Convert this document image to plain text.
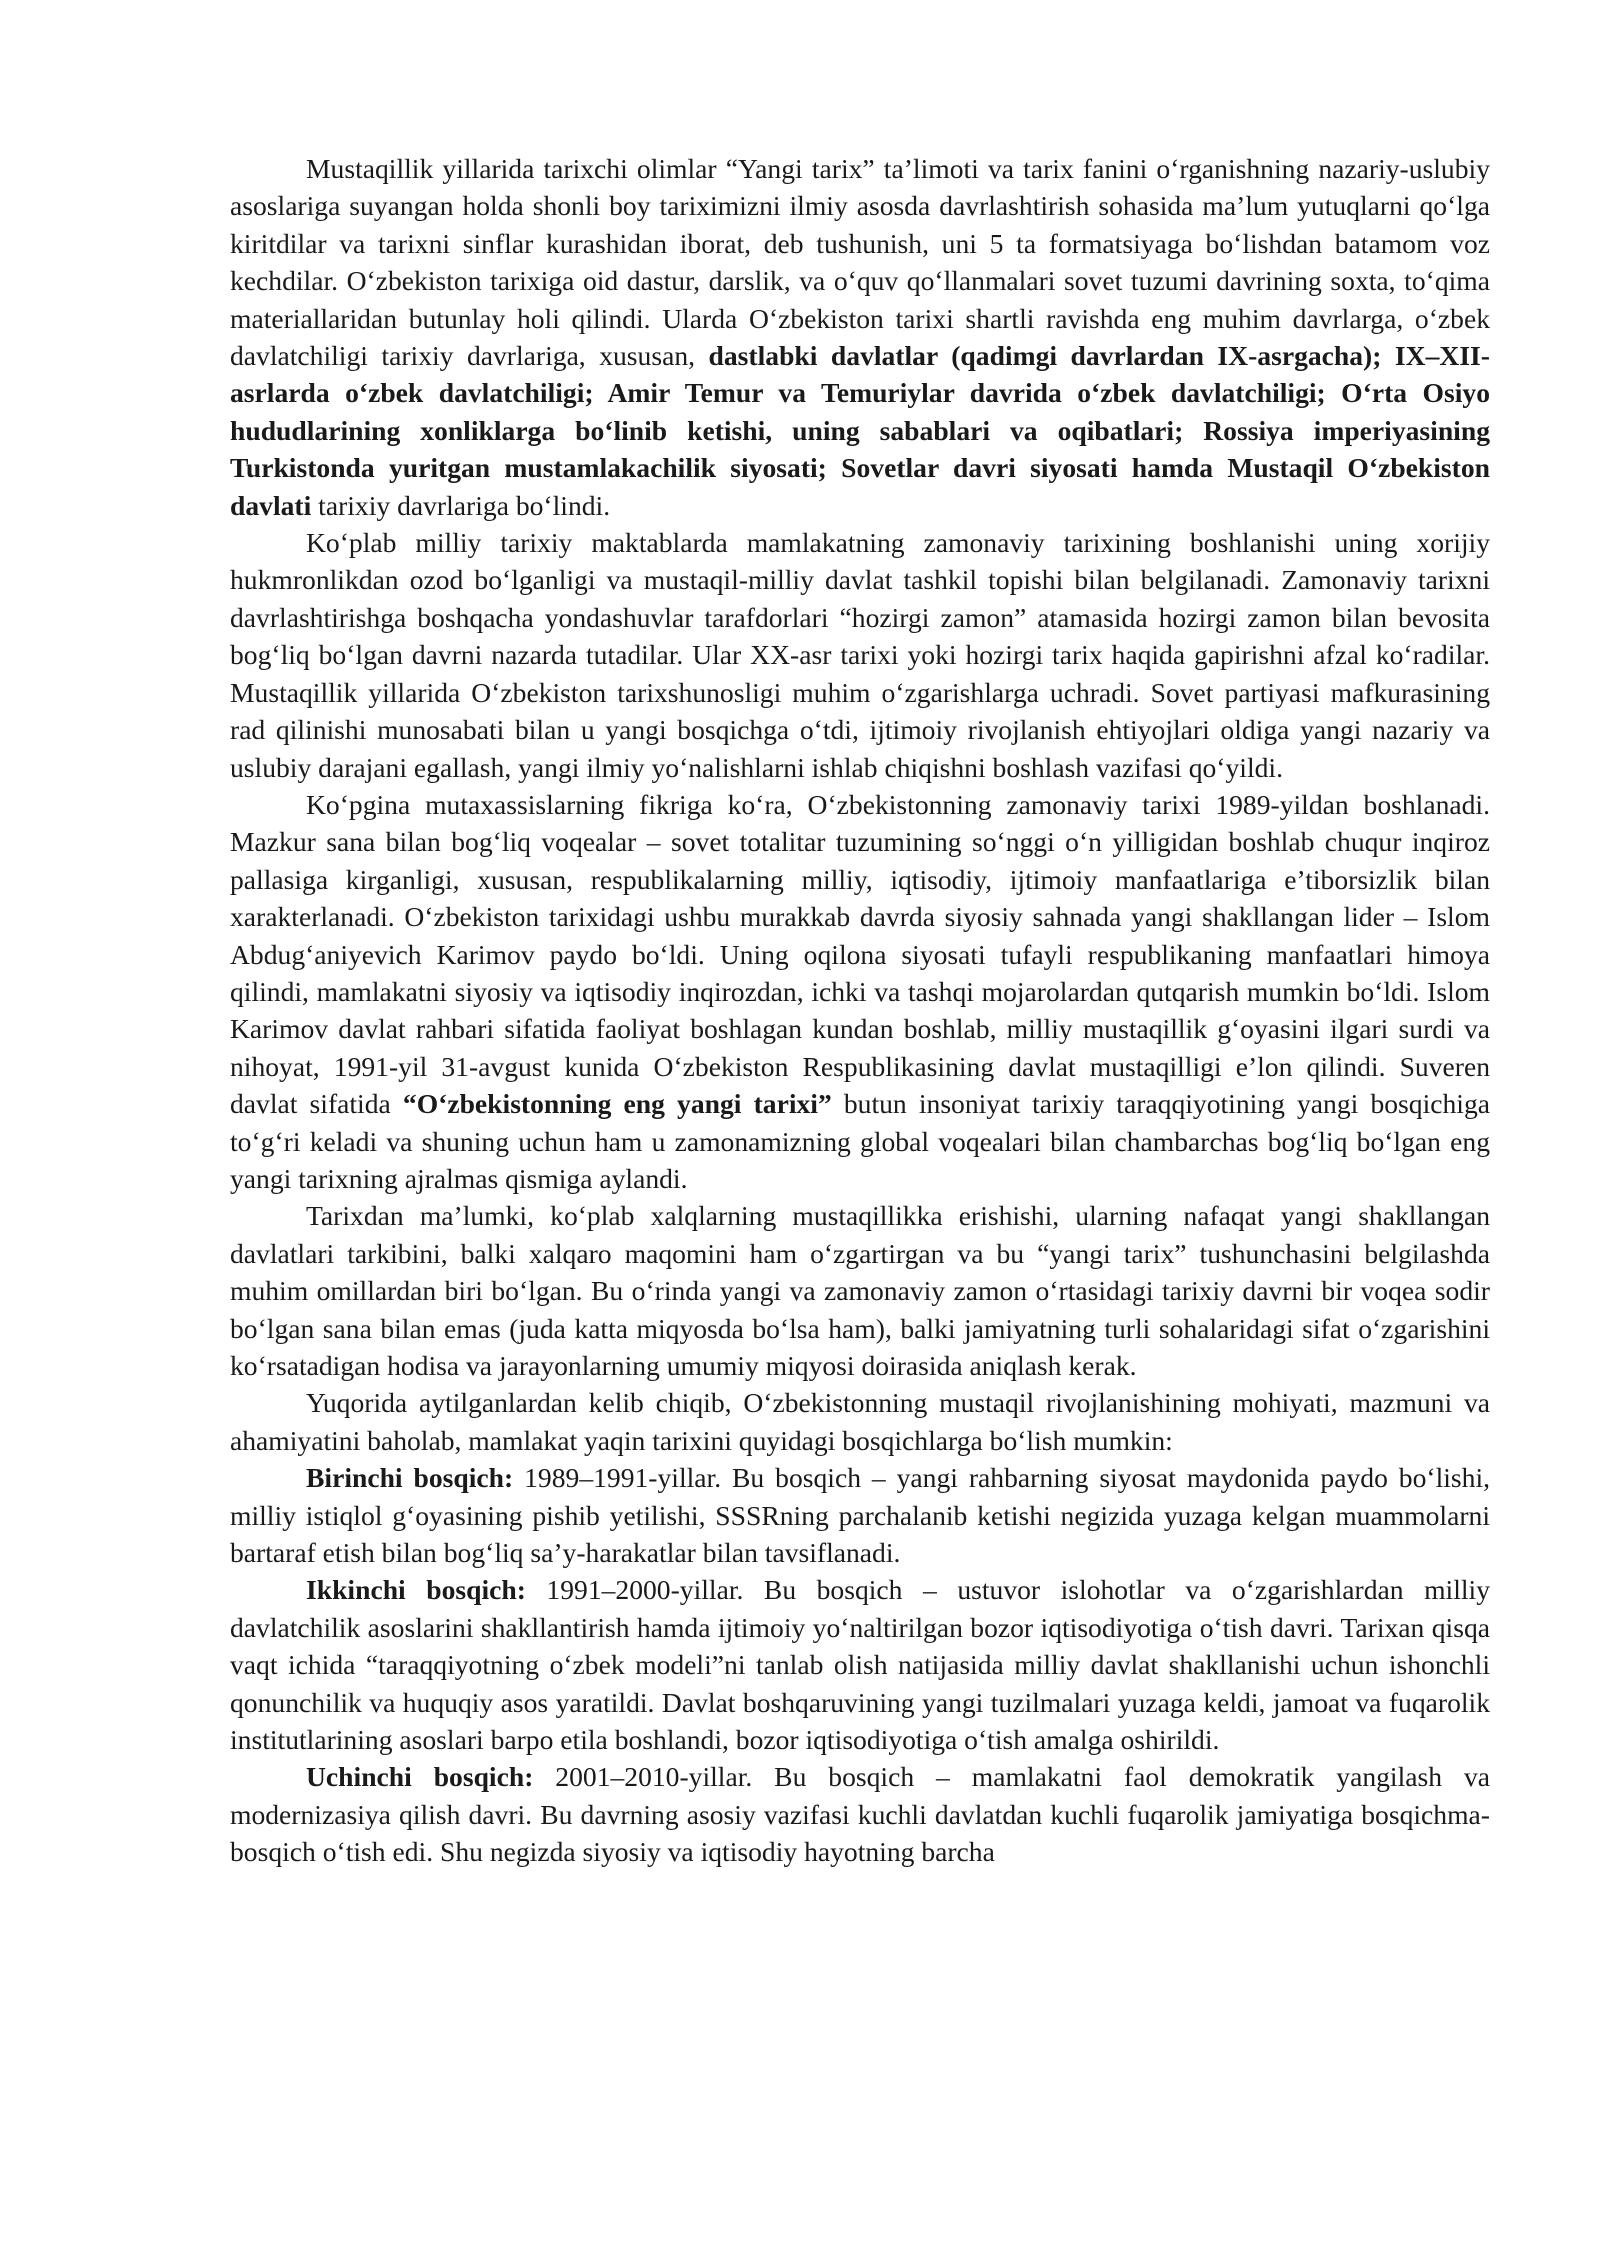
Mustaqillik yillarida tarixchi olimlar “Yangi tarix” ta’limoti va tarix fanini o‘rganishning nazariy-uslubiy asoslariga suyangan holda shonli boy tariximizni ilmiy asosda davrlashtirish sohasida ma’lum yutuqlarni qo‘lga kiritdilar va tarixni sinflar kurashidan iborat, deb tushunish, uni 5 ta formatsiyaga bo‘lishdan batamom voz kechdilar. O‘zbekiston tarixiga oid dastur, darslik, va o‘quv qo‘llanmalari sovet tuzumi davrining soxta, to‘qima materiallaridan butunlay holi qilindi. Ularda O‘zbekiston tarixi shartli ravishda eng muhim davrlarga, o‘zbek davlatchiligi tarixiy davrlariga, xususan, dastlabki davlatlar (qadimgi davrlardan IX-asrgacha); IX–XII-asrlarda o‘zbek davlatchiligi; Amir Temur va Temuriylar davrida o‘zbek davlatchiligi; O‘rta Osiyo hududlarining xonliklarga bo‘linib ketishi, uning sabablari va oqibatlari; Rossiya imperiyasining Turkistonda yuritgan mustamlakachilik siyosati; Sovetlar davri siyosati hamda Mustaqil O‘zbekiston davlati tarixiy davrlariga bo‘lindi.

Ko‘plab milliy tarixiy maktablarda mamlakatning zamonaviy tarixining boshlanishi uning xorijiy hukmronlikdan ozod bo‘lganligi va mustaqil-milliy davlat tashkil topishi bilan belgilanadi. Zamonaviy tarixni davrlashtirishga boshqacha yondashuvlar tarafdorlari “hozirgi zamon” atamasida hozirgi zamon bilan bevosita bog‘liq bo‘lgan davrni nazarda tutadilar. Ular XX-asr tarixi yoki hozirgi tarix haqida gapirishni afzal ko‘radilar. Mustaqillik yillarida O‘zbekiston tarixshunosligi muhim o‘zgarishlarga uchradi. Sovet partiyasi mafkurasining rad qilinishi munosabati bilan u yangi bosqichga o‘tdi, ijtimoiy rivojlanish ehtiyojlari oldiga yangi nazariy va uslubiy darajani egallash, yangi ilmiy yo‘nalishlarni ishlab chiqishni boshlash vazifasi qo‘yildi.

Ko‘pgina mutaxassislarning fikriga ko‘ra, O‘zbekistonning zamonaviy tarixi 1989-yildan boshlanadi. Mazkur sana bilan bog‘liq voqealar – sovet totalitar tuzumining so‘nggi o‘n yilligidan boshlab chuqur inqiroz pallasiga kirganligi, xususan, respublikalarning milliy, iqtisodiy, ijtimoiy manfaatlariga e’tiborsizlik bilan xarakterlanadi. O‘zbekiston tarixidagi ushbu murakkab davrda siyosiy sahnada yangi shakllangan lider – Islom Abdug‘aniyevich Karimov paydo bo‘ldi. Uning oqilona siyosati tufayli respublikaning manfaatlari himoya qilindi, mamlakatni siyosiy va iqtisodiy inqirozdan, ichki va tashqi mojarolardan qutqarish mumkin bo‘ldi. Islom Karimov davlat rahbari sifatida faoliyat boshlagan kundan boshlab, milliy mustaqillik g‘oyasini ilgari surdi va nihoyat, 1991-yil 31-avgust kunida O‘zbekiston Respublikasining davlat mustaqilligi e’lon qilindi. Suveren davlat sifatida “O‘zbekistonning eng yangi tarixi” butun insoniyat tarixiy taraqqiyotining yangi bosqichiga to‘g‘ri keladi va shuning uchun ham u zamonamizning global voqealari bilan chambarchas bog‘liq bo‘lgan eng yangi tarixning ajralmas qismiga aylandi.

Tarixdan ma’lumki, ko‘plab xalqlarning mustaqillikka erishishi, ularning nafaqat yangi shakllangan davlatlari tarkibini, balki xalqaro maqomini ham o‘zgartirgan va bu “yangi tarix” tushunchasini belgilashda muhim omillardan biri bo‘lgan. Bu o‘rinda yangi va zamonaviy zamon o‘rtasidagi tarixiy davrni bir voqea sodir bo‘lgan sana bilan emas (juda katta miqyosda bo‘lsa ham), balki jamiyatning turli sohalaridagi sifat o‘zgarishini ko‘rsatadigan hodisa va jarayonlarning umumiy miqyosi doirasida aniqlash kerak.

Yuqorida aytilganlardan kelib chiqib, O‘zbekistonning mustaqil rivojlanishining mohiyati, mazmuni va ahamiyatini baholab, mamlakat yaqin tarixini quyidagi bosqichlarga bo‘lish mumkin:

Birinchi bosqich: 1989–1991-yillar. Bu bosqich – yangi rahbarning siyosat maydonida paydo bo‘lishi, milliy istiqlol g‘oyasining pishib yetilishi, SSSRning parchalanib ketishi negizida yuzaga kelgan muammolarni bartaraf etish bilan bog‘liq sa’y-harakatlar bilan tavsiflanadi.

Ikkinchi bosqich: 1991–2000-yillar. Bu bosqich – ustuvor islohotlar va o‘zgarishlardan milliy davlatchilik asoslarini shakllantirish hamda ijtimoiy yo‘naltirilgan bozor iqtisodiyotiga o‘tish davri. Tarixan qisqa vaqt ichida “taraqqiyotning o‘zbek modeli”ni tanlab olish natijasida milliy davlat shakllanishi uchun ishonchli qonunchilik va huquqiy asos yaratildi. Davlat boshqaruvining yangi tuzilmalari yuzaga keldi, jamoat va fuqarolik institutlarining asoslari barpo etila boshlandi, bozor iqtisodiyotiga o‘tish amalga oshirildi.

Uchinchi bosqich: 2001–2010-yillar. Bu bosqich – mamlakatni faol demokratik yangilash va modernizasiya qilish davri. Bu davrning asosiy vazifasi kuchli davlatdan kuchli fuqarolik jamiyatiga bosqichma-bosqich o‘tish edi. Shu negizda siyosiy va iqtisodiy hayotning barcha
